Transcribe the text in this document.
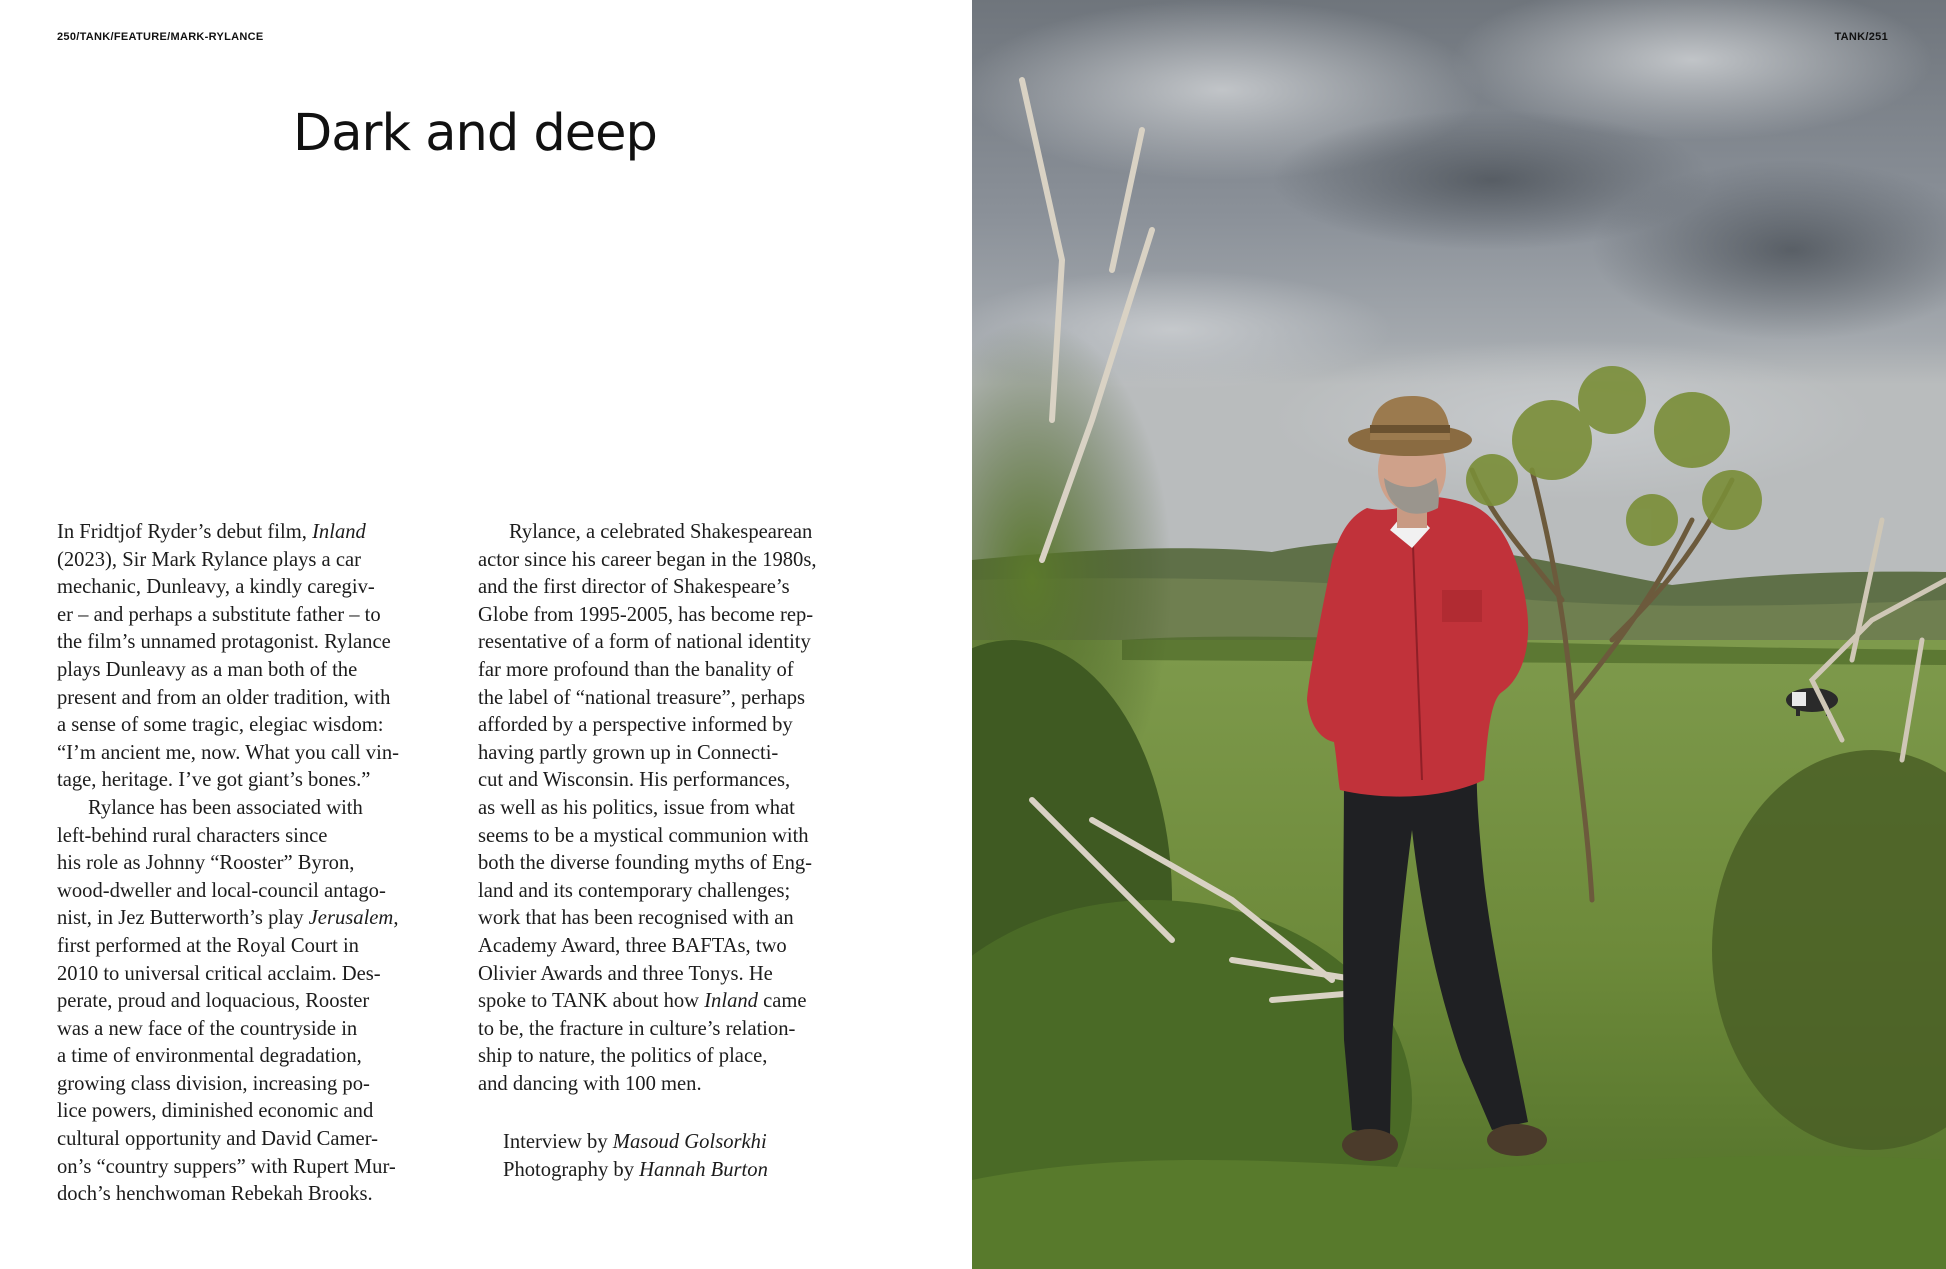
250/TANK/FEATURE/MARK-RYLANCE
Dark and deep
In Fridtjof Ryder’s debut film, Inland
(2023), Sir Mark Rylance plays a car
mechanic, Dunleavy, a kindly caregiv-
er – and perhaps a substitute father – to
the film’s unnamed protagonist. Rylance
plays Dunleavy as a man both of the
present and from an older tradition, with
a sense of some tragic, elegiac wisdom:
“I’m ancient me, now. What you call vin-
tage, heritage. I’ve got giant’s bones.”
Rylance has been associated with
left-behind rural characters since
his role as Johnny “Rooster” Byron,
wood-dweller and local-council antago-
nist, in Jez Butterworth’s play Jerusalem,
first performed at the Royal Court in
2010 to universal critical acclaim. Des-
perate, proud and loquacious, Rooster
was a new face of the countryside in
a time of environmental degradation,
growing class division, increasing po-
lice powers, diminished economic and
cultural opportunity and David Camer-
on’s “country suppers” with Rupert Mur-
doch’s henchwoman Rebekah Brooks.
Rylance, a celebrated Shakespearean
actor since his career began in the 1980s,
and the first director of Shakespeare’s
Globe from 1995-2005, has become rep-
resentative of a form of national identity
far more profound than the banality of
the label of “national treasure”, perhaps
afforded by a perspective informed by
having partly grown up in Connecti-
cut and Wisconsin. His performances,
as well as his politics, issue from what
seems to be a mystical communion with
both the diverse founding myths of Eng-
land and its contemporary challenges;
work that has been recognised with an
Academy Award, three BAFTAs, two
Olivier Awards and three Tonys. He
spoke to TANK about how Inland came
to be, the fracture in culture’s relation-
ship to nature, the politics of place,
and dancing with 100 men.
Interview by Masoud Golsorkhi
Photography by Hannah Burton
TANK/251
